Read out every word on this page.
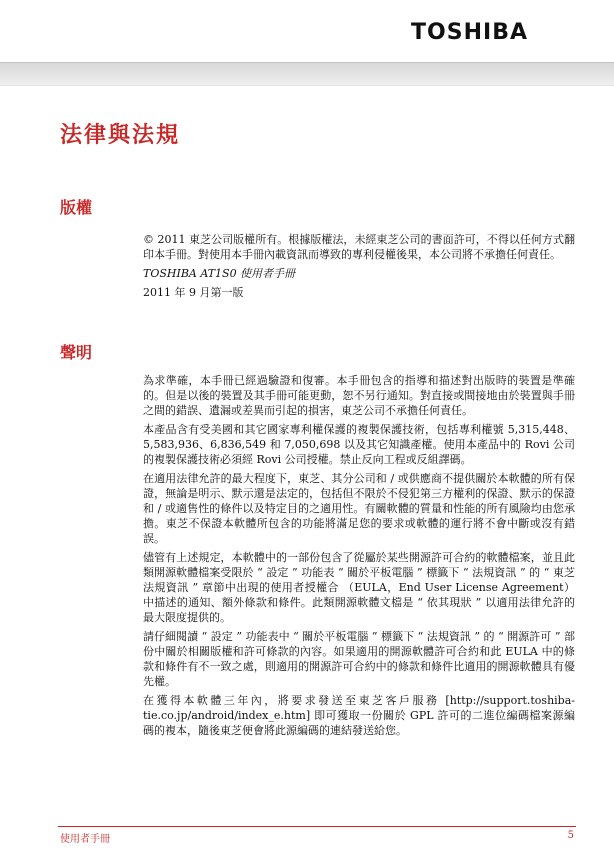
TOSHIBA
法律與法規
版權

© 2011 東芝公司版權所有。根據版權法，未經東芝公司的書面許可，不得以任何方式翻印本手冊。對使用本手冊內載資訊而導致的專利侵權後果，本公司將不承擔任何責任。

TOSHIBA AT1S0 使用者手冊

2011 年 9 月第一版

聲明

為求準確，本手冊已經過驗證和復審。本手冊包含的指導和描述對出版時的裝置是準確的。但是以後的裝置及其手冊可能更動，恕不另行通知。對直接或間接地由於裝置與手冊之間的錯誤、遺漏或差異而引起的損害，東芝公司不承擔任何責任。

本產品含有受美國和其它國家專利權保護的複製保護技術，包括專利權號 5,315,448、5,583,936、6,836,549 和 7,050,698 以及其它知識產權。使用本產品中的 Rovi 公司的複製保護技術必須經 Rovi 公司授權。禁止反向工程或反組譯碼。

在適用法律允許的最大程度下，東芝、其分公司和 / 或供應商不提供關於本軟體的所有保證，無論是明示、默示還是法定的，包括但不限於不侵犯第三方權利的保證、默示的保證和 / 或適售性的條件以及特定目的之適用性。有關軟體的質量和性能的所有風險均由您承擔。東芝不保證本軟體所包含的功能將滿足您的要求或軟體的運行將不會中斷或沒有錯誤。

儘管有上述規定，本軟體中的一部份包含了從屬於某些開源許可合約的軟體檔案，並且此類開源軟體檔案受限於 “ 設定 ” 功能表 “ 關於平板電腦 ” 標籤下 “ 法規資訊 ” 的 “ 東芝法規資訊 ” 章節中出現的使用者授權合 （EULA，End User License Agreement）中描述的通知、額外條款和條件。此類開源軟體文檔是 “ 依其現狀 ” 以適用法律允許的最大限度提供的。

請仔細閱讀 “ 設定 ” 功能表中 “ 關於平板電腦 ” 標籤下 “ 法規資訊 ” 的 “ 開源許可 ” 部份中關於相關版權和許可條款的內容。如果適用的開源軟體許可合約和此 EULA 中的條款和條件有不一致之處，則適用的開源許可合約中的條款和條件比適用的開源軟體具有優先權。

在獲得本軟體三年內，將要求發送至東芝客戶服務 [http://support.toshiba-tie.co.jp/android/index_e.htm] 即可獲取一份關於 GPL 許可的二進位編碼檔案源編碼的複本，隨後東芝便會將此源編碼的連結發送給您。

使用者手冊	5
